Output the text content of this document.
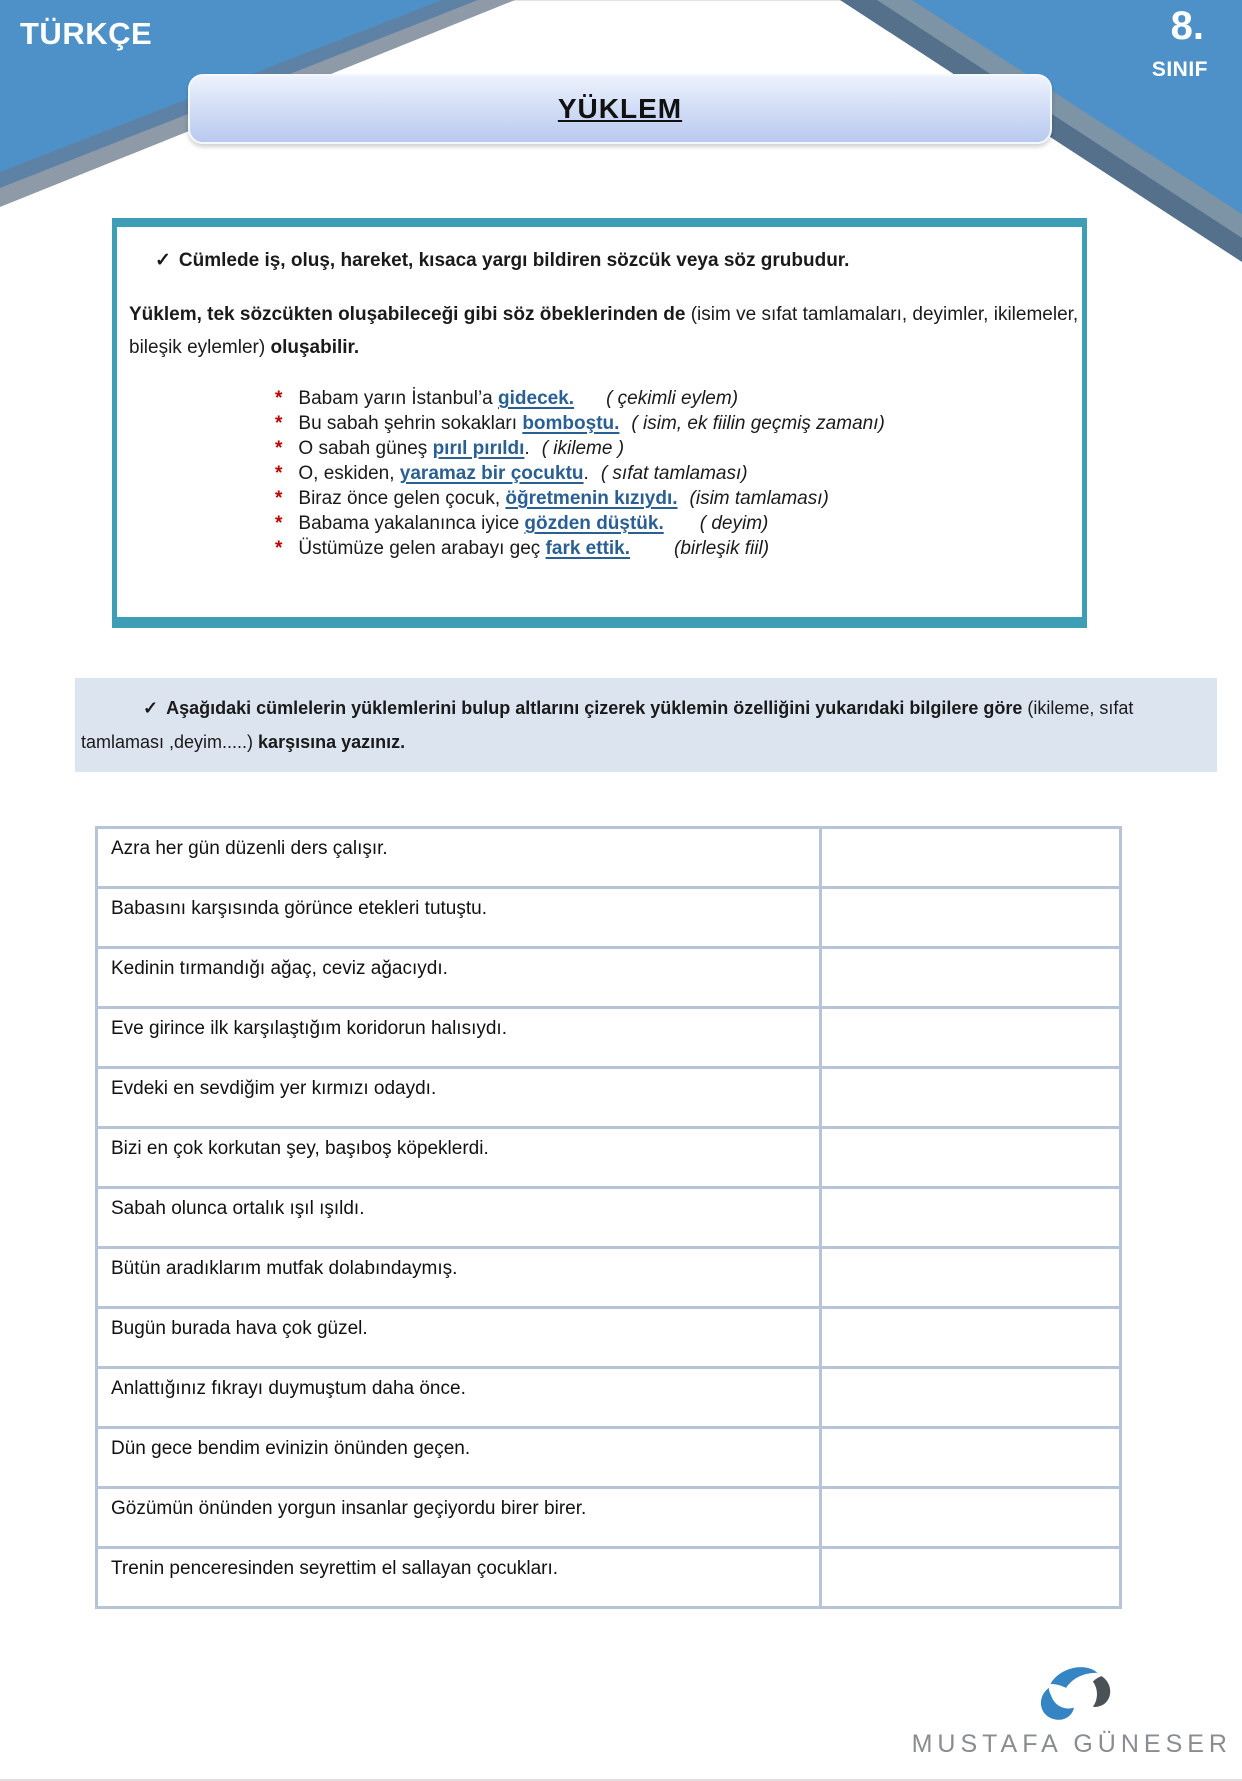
TÜRKÇE	8.
SINIF
YÜKLEM

✓ Cümlede iş, oluş, hareket, kısaca yargı bildiren sözcük veya söz grubudur.

Yüklem, tek sözcükten oluşabileceği gibi söz öbeklerinden de (isim ve sıfat tamlamaları, deyimler, ikilemeler, bileşik eylemler) oluşabilir.

* Babam yarın İstanbul’a gidecek. ( çekimli eylem)
* Bu sabah şehrin sokakları bomboştu. ( isim, ek fiilin geçmiş zamanı)
* O sabah güneş pırıl pırıldı. ( ikileme )
* O, eskiden, yaramaz bir çocuktu. ( sıfat tamlaması)
* Biraz önce gelen çocuk, öğretmenin kızıydı. (isim tamlaması)
* Babama yakalanınca iyice gözden düştük. ( deyim)
* Üstümüze gelen arabayı geç fark ettik. (birleşik fiil)

✓ Aşağıdaki cümlelerin yüklemlerini bulup altlarını çizerek yüklemin özelliğini yukarıdaki bilgilere göre (ikileme, sıfat tamlaması ,deyim.....) karşısına yazınız.

Azra her gün düzenli ders çalışır.	
Babasını karşısında görünce etekleri tutuştu.	
Kedinin tırmandığı ağaç, ceviz ağacıydı.	
Eve girince ilk karşılaştığım koridorun halısıydı.	
Evdeki en sevdiğim yer kırmızı odaydı.	
Bizi en çok korkutan şey, başıboş köpeklerdi.	
Sabah olunca ortalık ışıl ışıldı.	
Bütün aradıklarım mutfak dolabındaymış.	
Bugün burada hava çok güzel.	
Anlattığınız fıkrayı duymuştum daha önce.	
Dün gece bendim evinizin önünden geçen.	
Gözümün önünden yorgun insanlar geçiyordu birer birer.	
Trenin penceresinden seyrettim el sallayan çocukları.	
MUSTAFA GÜNESER
